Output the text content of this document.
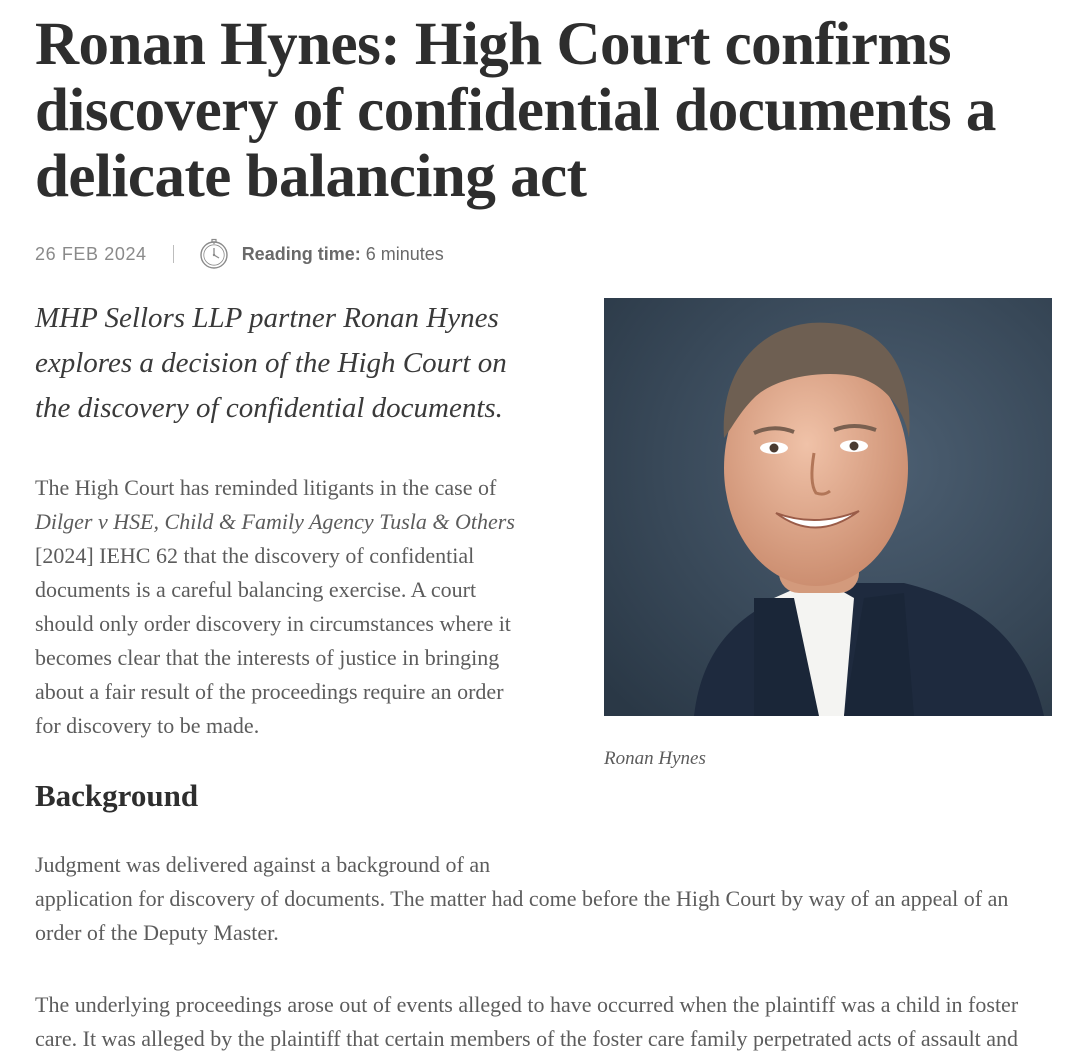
Ronan Hynes: High Court confirms discovery of confidential documents a delicate balancing act
26 FEB 2024	Reading time: 6 minutes

MHP Sellors LLP partner Ronan Hynes explores a decision of the High Court on the discovery of confidential documents.

The High Court has reminded litigants in the case of Dilger v HSE, Child & Family Agency Tusla & Others [2024] IEHC 62 that the discovery of confidential documents is a careful balancing exercise. A court should only order discovery in circumstances where it becomes clear that the interests of justice in bringing about a fair result of the proceedings require an order for discovery to be made.

Ronan Hynes

Background

Judgment was delivered against a background of an
application for discovery of documents. The matter had come before the High Court by way of an appeal of an order of the Deputy Master.

The underlying proceedings arose out of events alleged to have occurred when the plaintiff was a child in foster care. It was alleged by the plaintiff that certain members of the foster care family perpetrated acts of assault and
